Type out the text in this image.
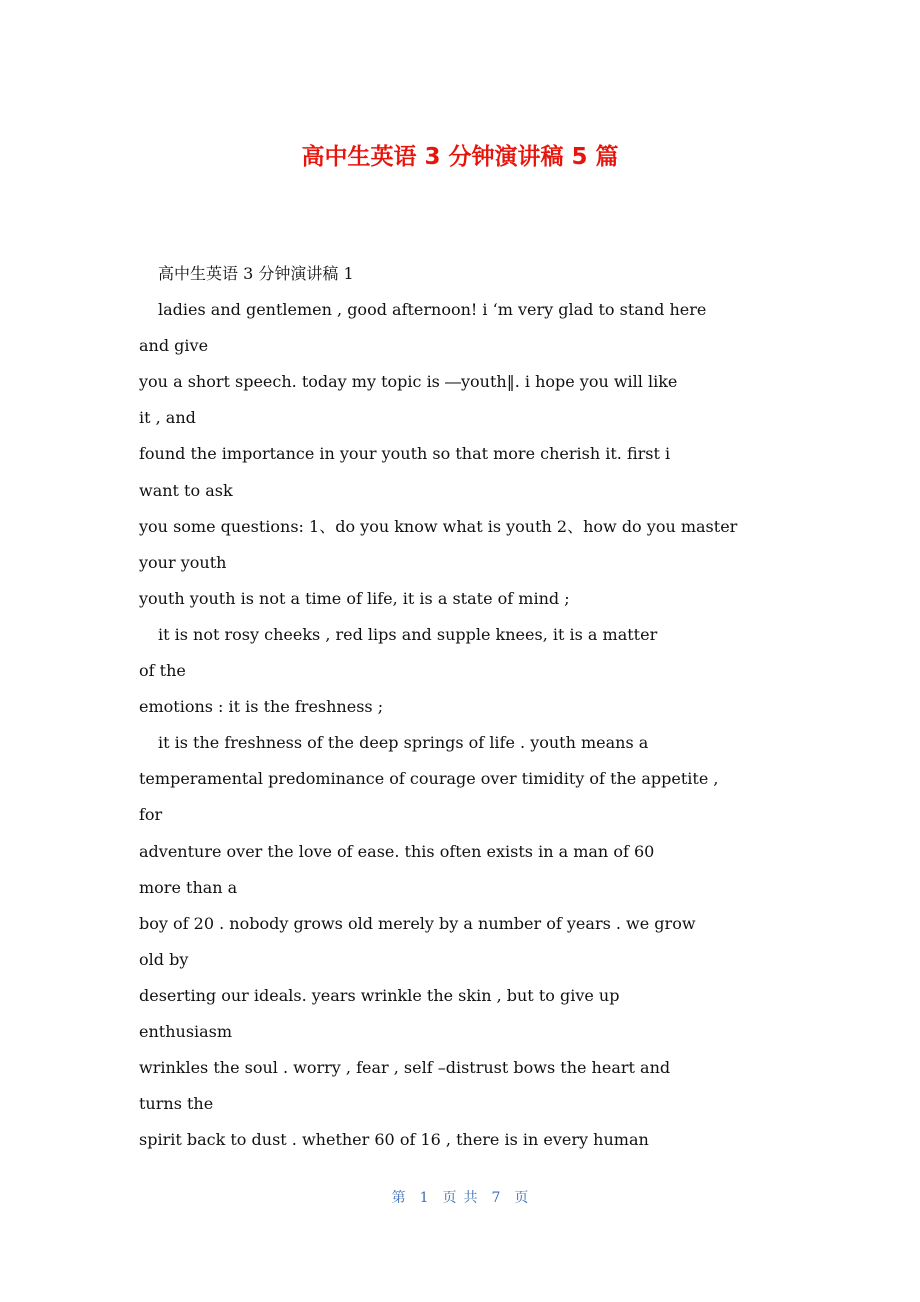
高中生英语 3 分钟演讲稿 5 篇
高中生英语 3 分钟演讲稿 1
ladies and gentlemen , good afternoon! i ‘m very glad to stand here
and give
you a short speech. today my topic is ―youth‖. i hope you will like
it , and
found the importance in your youth so that more cherish it. first i
want to ask
you some questions: 1、do you know what is youth 2、how do you master
your youth
youth youth is not a time of life, it is a state of mind ;
it is not rosy cheeks , red lips and supple knees, it is a matter
of the
emotions : it is the freshness ;
it is the freshness of the deep springs of life . youth means a
temperamental predominance of courage over timidity of the appetite ,
for
adventure over the love of ease. this often exists in a man of 60
more than a
boy of 20 . nobody grows old merely by a number of years . we grow
old by
deserting our ideals. years wrinkle the skin , but to give up
enthusiasm
wrinkles the soul . worry , fear , self –distrust bows the heart and
turns the
spirit back to dust . whether 60 of 16 , there is in every human
第 1 页 共 7 页
